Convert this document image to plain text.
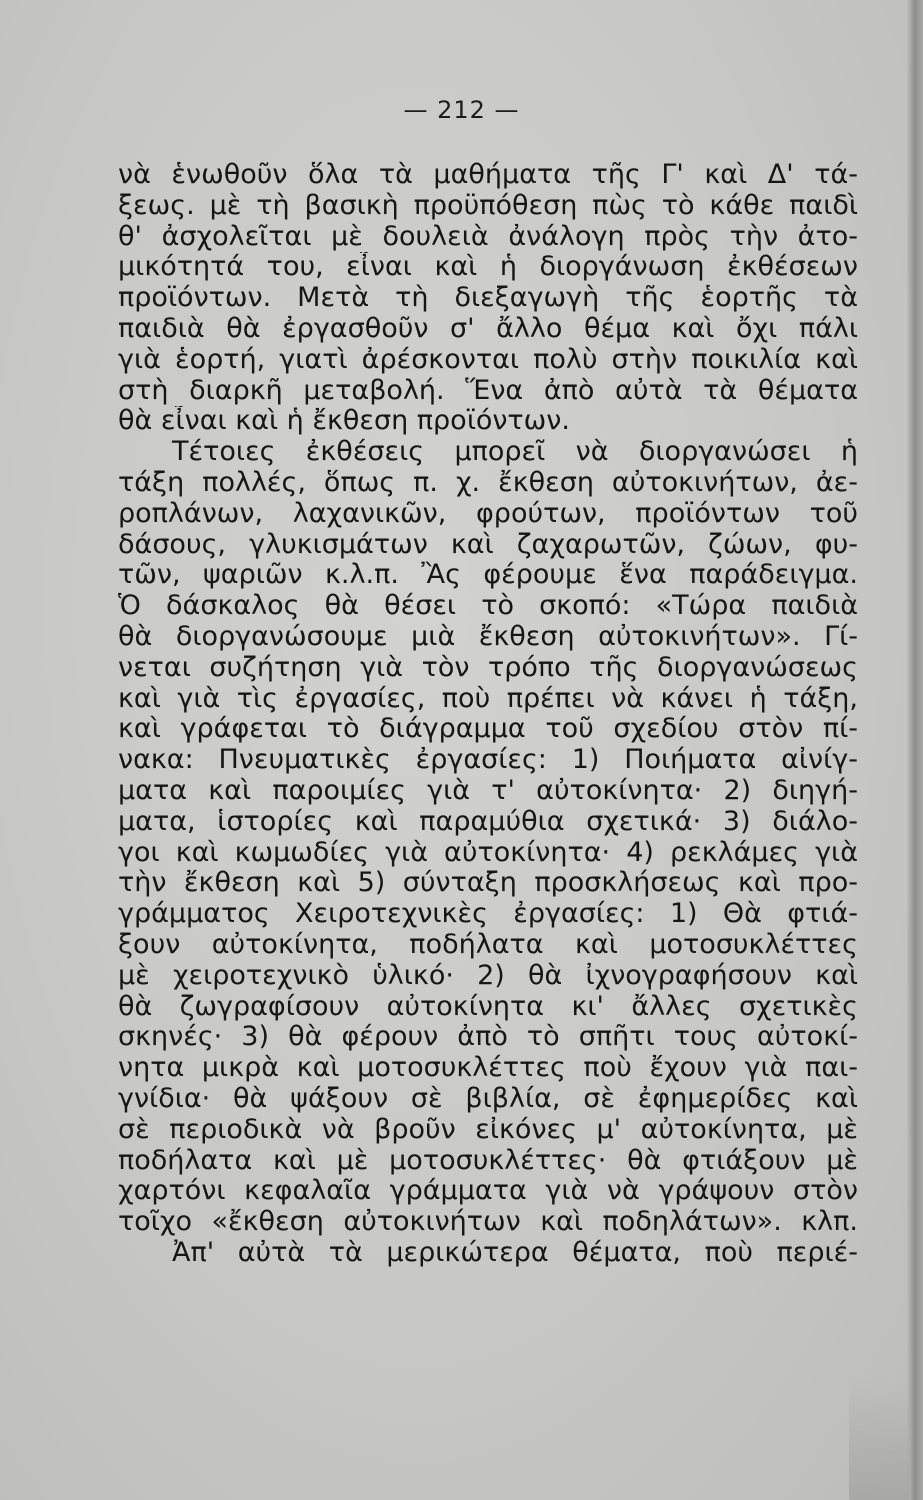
— 212 —
νὰ ἑνωθοῦν ὅλα τὰ μαθήματα τῆς Γ' καὶ Δ' τά-
ξεως. μὲ τὴ βασικὴ προϋπόθεση πὼς τὸ κάθε παιδὶ
θ' ἀσχολεῖται μὲ δουλειὰ ἀνάλογη πρὸς τὴν ἀτο-
μικότητά του, εἶναι καὶ ἡ διοργάνωση ἐκθέσεων
προϊόντων. Μετὰ τὴ διεξαγωγὴ τῆς ἑορτῆς τὰ
παιδιὰ θὰ ἐργασθοῦν σ' ἄλλο θέμα καὶ ὄχι πάλι
γιὰ ἑορτή, γιατὶ ἀρέσκονται πολὺ στὴν ποικιλία καὶ
στὴ διαρκῆ μεταβολή. Ἕνα ἀπὸ αὐτὰ τὰ θέματα
θὰ εἶναι καὶ ἡ ἔκθεση προϊόντων.
Τέτοιες ἐκθέσεις μπορεῖ νὰ διοργανώσει ἡ
τάξη πολλές, ὅπως π. χ. ἔκθεση αὐτοκινήτων, ἀε-
ροπλάνων, λαχανικῶν, φρούτων, προϊόντων τοῦ
δάσους, γλυκισμάτων καὶ ζαχαρωτῶν, ζώων, φυ-
τῶν, ψαριῶν κ.λ.π. Ἂς φέρουμε ἕνα παράδειγμα.
Ὁ δάσκαλος θὰ θέσει τὸ σκοπό: «Τώρα παιδιὰ
θὰ διοργανώσουμε μιὰ ἔκθεση αὐτοκινήτων». Γί-
νεται συζήτηση γιὰ τὸν τρόπο τῆς διοργανώσεως
καὶ γιὰ τὶς ἐργασίες, ποὺ πρέπει νὰ κάνει ἡ τάξη,
καὶ γράφεται τὸ διάγραμμα τοῦ σχεδίου στὸν πί-
νακα: Πνευματικὲς ἐργασίες: 1) Ποιήματα αἰνίγ-
ματα καὶ παροιμίες γιὰ τ' αὐτοκίνητα· 2) διηγή-
ματα, ἱστορίες καὶ παραμύθια σχετικά· 3) διάλο-
γοι καὶ κωμωδίες γιὰ αὐτοκίνητα· 4) ρεκλάμες γιὰ
τὴν ἔκθεση καὶ 5) σύνταξη προσκλήσεως καὶ προ-
γράμματος Χειροτεχνικὲς ἐργασίες: 1) Θὰ φτιά-
ξουν αὐτοκίνητα, ποδήλατα καὶ μοτοσυκλέττες
μὲ χειροτεχνικὸ ὑλικό· 2) θὰ ἰχνογραφήσουν καὶ
θὰ ζωγραφίσουν αὐτοκίνητα κι' ἄλλες σχετικὲς
σκηνές· 3) θὰ φέρουν ἀπὸ τὸ σπῆτι τους αὐτοκί-
νητα μικρὰ καὶ μοτοσυκλέττες ποὺ ἔχουν γιὰ παι-
γνίδια· θὰ ψάξουν σὲ βιβλία, σὲ ἐφημερίδες καὶ
σὲ περιοδικὰ νὰ βροῦν εἰκόνες μ' αὐτοκίνητα, μὲ
ποδήλατα καὶ μὲ μοτοσυκλέττες· θὰ φτιάξουν μὲ
χαρτόνι κεφαλαῖα γράμματα γιὰ νὰ γράψουν στὸν
τοῖχο «ἔκθεση αὐτοκινήτων καὶ ποδηλάτων». κλπ.
Ἀπ' αὐτὰ τὰ μερικώτερα θέματα, ποὺ περιέ-
